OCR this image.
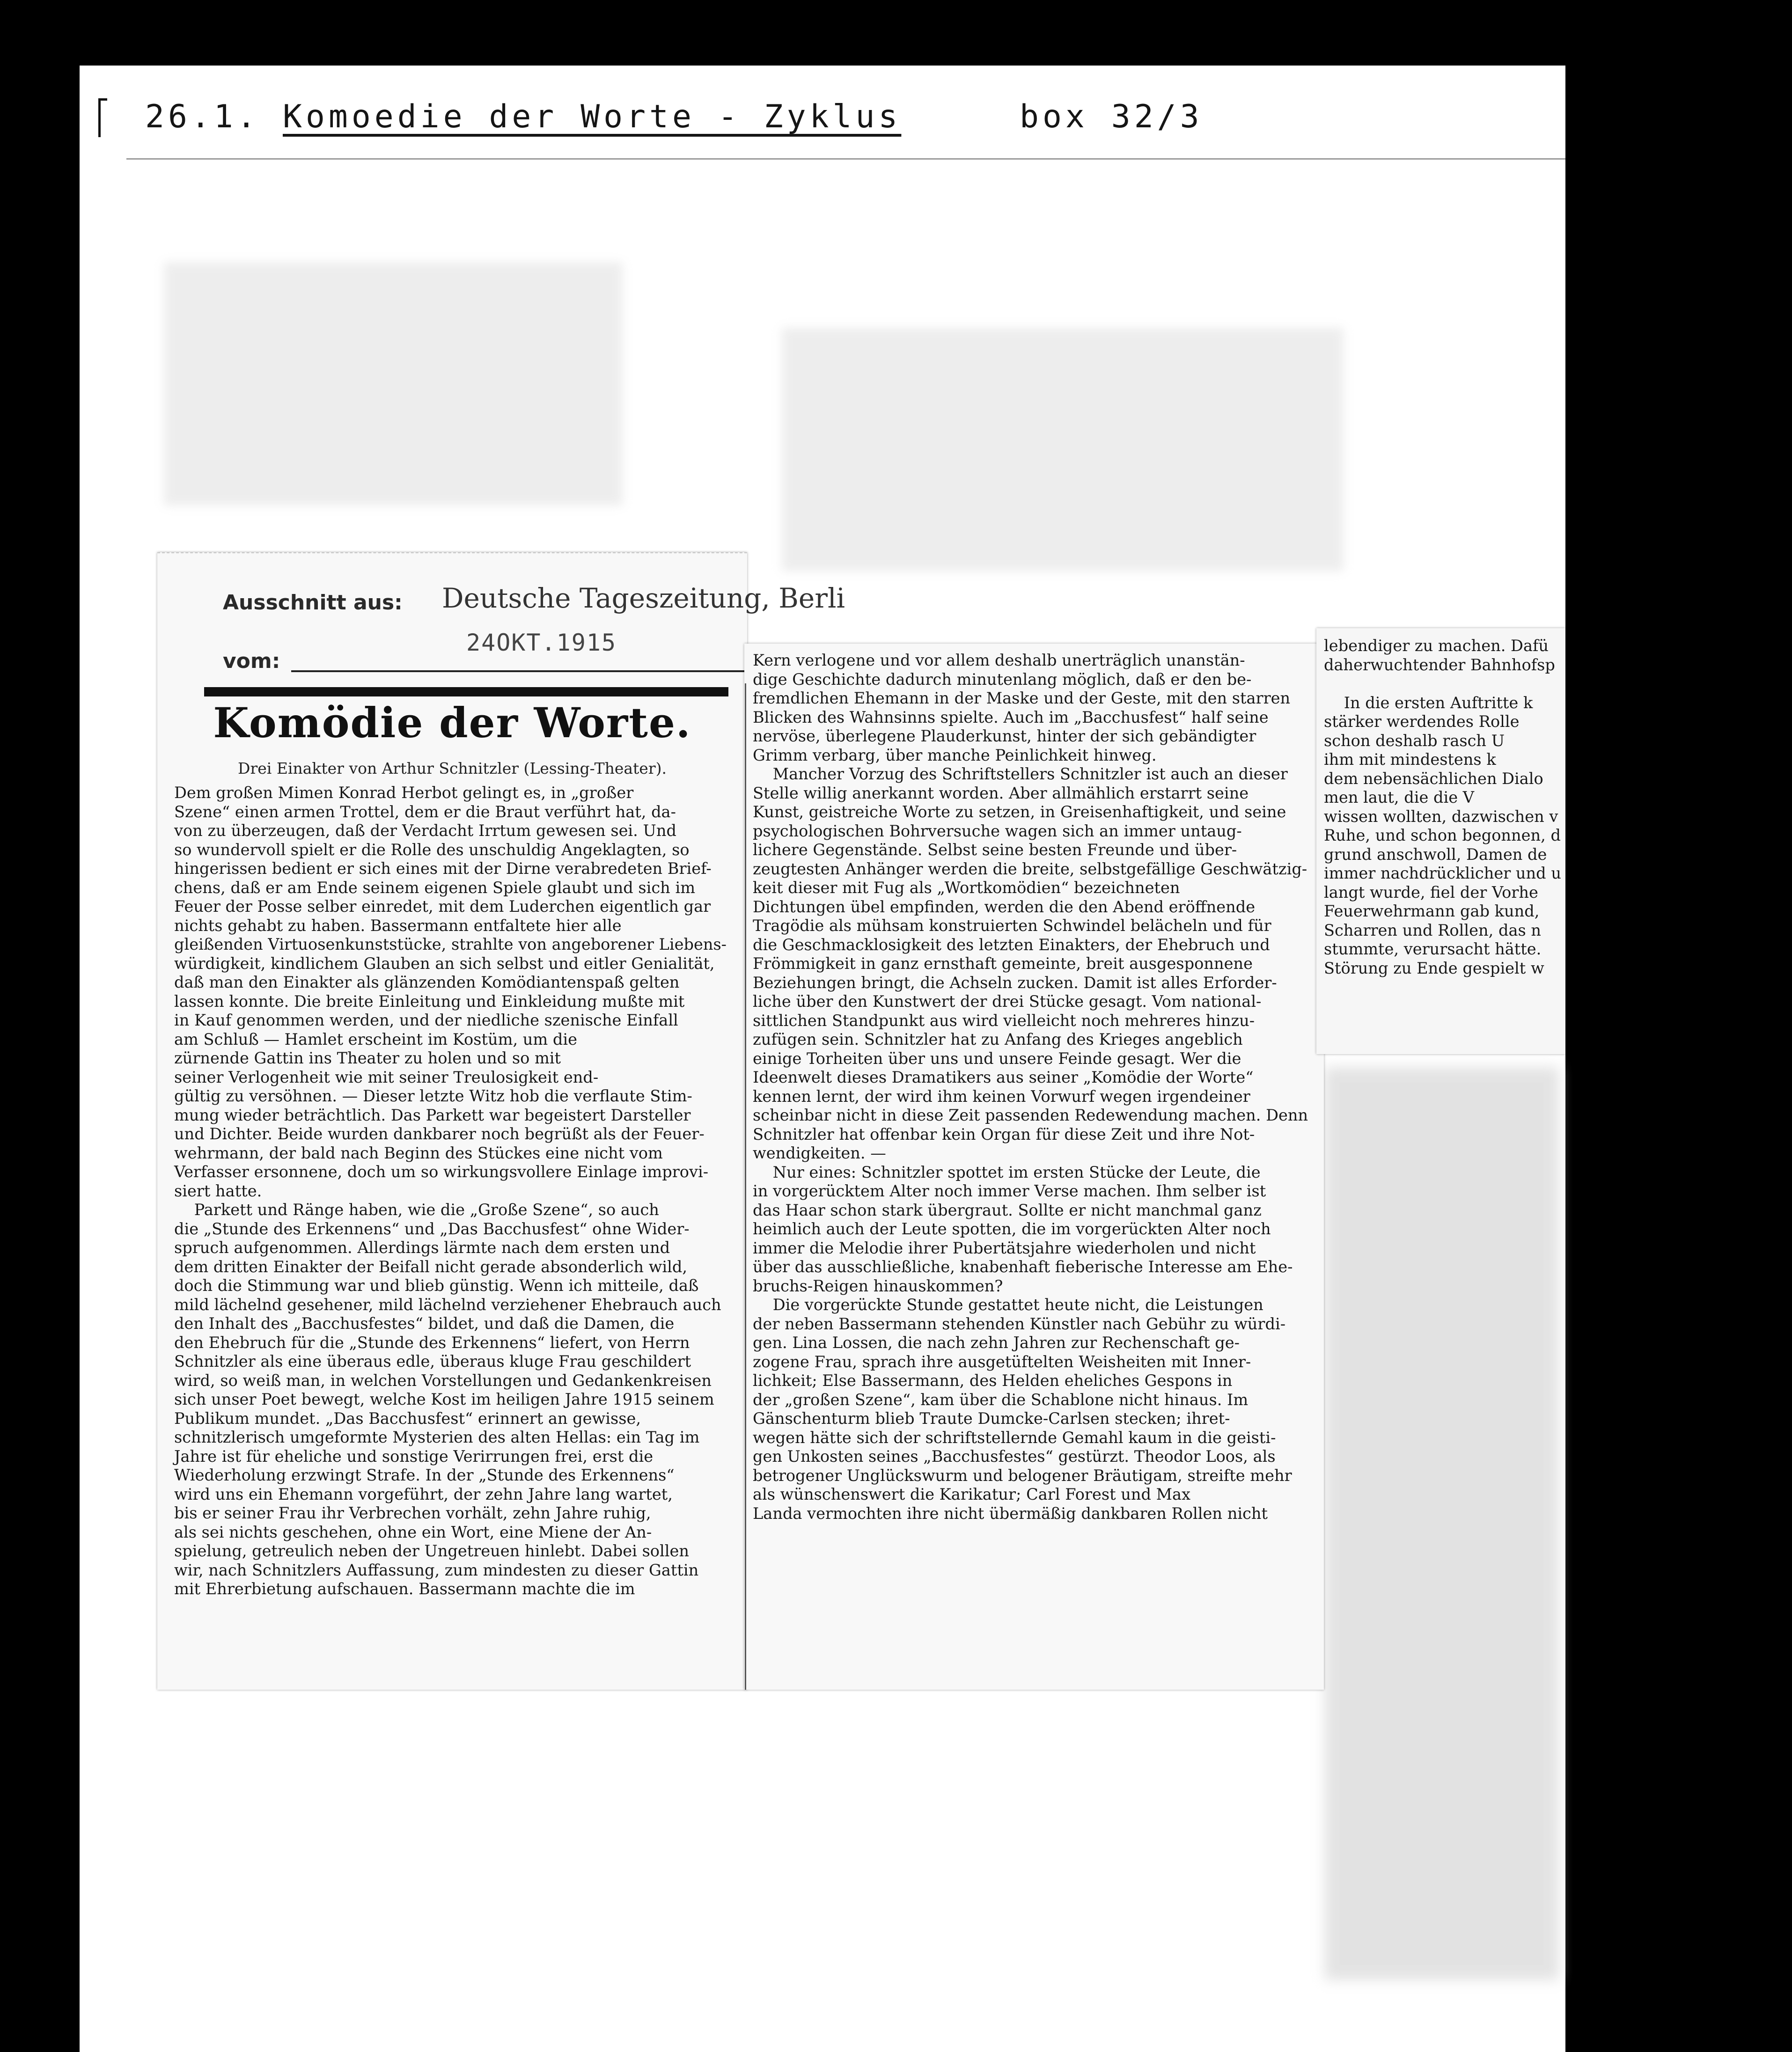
26.1. Komoedie der Worte - Zyklus	box 32/3
Ausschnitt aus: Deutsche Tageszeitung, Berli
vom:
24OKT.1915
Komödie der Worte.
Drei Einakter von Arthur Schnitzler (Lessing-Theater).
Dem großen Mimen Konrad Herbot gelingt es, in „großer
Szene“ einen armen Trottel, dem er die Braut verführt hat, da-
von zu überzeugen, daß der Verdacht Irrtum gewesen sei. Und
so wundervoll spielt er die Rolle des unschuldig Angeklagten, so
hingerissen bedient er sich eines mit der Dirne verabredeten Brief-
chens, daß er am Ende seinem eigenen Spiele glaubt und sich im
Feuer der Posse selber einredet, mit dem Luderchen eigentlich gar
nichts gehabt zu haben. Bassermann entfaltete hier alle
gleißenden Virtuosenkunststücke, strahlte von angeborener Liebens-
würdigkeit, kindlichem Glauben an sich selbst und eitler Genialität,
daß man den Einakter als glänzenden Komödiantenspaß gelten
lassen konnte. Die breite Einleitung und Einkleidung mußte mit
in Kauf genommen werden, und der niedliche szenische Einfall
am Schluß — Hamlet erscheint im Kostüm, um die
zürnende Gattin ins Theater zu holen und so mit
seiner Verlogenheit wie mit seiner Treulosigkeit end-
gültig zu versöhnen. — Dieser letzte Witz hob die verflaute Stim-
mung wieder beträchtlich. Das Parkett war begeistert Darsteller
und Dichter. Beide wurden dankbarer noch begrüßt als der Feuer-
wehrmann, der bald nach Beginn des Stückes eine nicht vom
Verfasser ersonnene, doch um so wirkungsvollere Einlage improvi-
siert hatte.
Parkett und Ränge haben, wie die „Große Szene“, so auch
die „Stunde des Erkennens“ und „Das Bacchusfest“ ohne Wider-
spruch aufgenommen. Allerdings lärmte nach dem ersten und
dem dritten Einakter der Beifall nicht gerade absonderlich wild,
doch die Stimmung war und blieb günstig. Wenn ich mitteile, daß
mild lächelnd gesehener, mild lächelnd verziehener Ehebrauch auch
den Inhalt des „Bacchusfestes“ bildet, und daß die Damen, die
den Ehebruch für die „Stunde des Erkennens“ liefert, von Herrn
Schnitzler als eine überaus edle, überaus kluge Frau geschildert
wird, so weiß man, in welchen Vorstellungen und Gedankenkreisen
sich unser Poet bewegt, welche Kost im heiligen Jahre 1915 seinem
Publikum mundet. „Das Bacchusfest“ erinnert an gewisse,
schnitzlerisch umgeformte Mysterien des alten Hellas: ein Tag im
Jahre ist für eheliche und sonstige Verirrungen frei, erst die
Wiederholung erzwingt Strafe. In der „Stunde des Erkennens“
wird uns ein Ehemann vorgeführt, der zehn Jahre lang wartet,
bis er seiner Frau ihr Verbrechen vorhält, zehn Jahre ruhig,
als sei nichts geschehen, ohne ein Wort, eine Miene der An-
spielung, getreulich neben der Ungetreuen hinlebt. Dabei sollen
wir, nach Schnitzlers Auffassung, zum mindesten zu dieser Gattin
mit Ehrerbietung aufschauen. Bassermann machte die im
Kern verlogene und vor allem deshalb unerträglich unanstän-
dige Geschichte dadurch minutenlang möglich, daß er den be-
fremdlichen Ehemann in der Maske und der Geste, mit den starren
Blicken des Wahnsinns spielte. Auch im „Bacchusfest“ half seine
nervöse, überlegene Plauderkunst, hinter der sich gebändigter
Grimm verbarg, über manche Peinlichkeit hinweg.
Mancher Vorzug des Schriftstellers Schnitzler ist auch an dieser
Stelle willig anerkannt worden. Aber allmählich erstarrt seine
Kunst, geistreiche Worte zu setzen, in Greisenhaftigkeit, und seine
psychologischen Bohrversuche wagen sich an immer untaug-
lichere Gegenstände. Selbst seine besten Freunde und über-
zeugtesten Anhänger werden die breite, selbstgefällige Geschwätzig-
keit dieser mit Fug als „Wortkomödien“ bezeichneten
Dichtungen übel empfinden, werden die den Abend eröffnende
Tragödie als mühsam konstruierten Schwindel belächeln und für
die Geschmacklosigkeit des letzten Einakters, der Ehebruch und
Frömmigkeit in ganz ernsthaft gemeinte, breit ausgesponnene
Beziehungen bringt, die Achseln zucken. Damit ist alles Erforder-
liche über den Kunstwert der drei Stücke gesagt. Vom national-
sittlichen Standpunkt aus wird vielleicht noch mehreres hinzu-
zufügen sein. Schnitzler hat zu Anfang des Krieges angeblich
einige Torheiten über uns und unsere Feinde gesagt. Wer die
Ideenwelt dieses Dramatikers aus seiner „Komödie der Worte“
kennen lernt, der wird ihm keinen Vorwurf wegen irgendeiner
scheinbar nicht in diese Zeit passenden Redewendung machen. Denn
Schnitzler hat offenbar kein Organ für diese Zeit und ihre Not-
wendigkeiten. —
Nur eines: Schnitzler spottet im ersten Stücke der Leute, die
in vorgerücktem Alter noch immer Verse machen. Ihm selber ist
das Haar schon stark übergraut. Sollte er nicht manchmal ganz
heimlich auch der Leute spotten, die im vorgerückten Alter noch
immer die Melodie ihrer Pubertätsjahre wiederholen und nicht
über das ausschließliche, knabenhaft fieberische Interesse am Ehe-
bruchs-Reigen hinauskommen?
Die vorgerückte Stunde gestattet heute nicht, die Leistungen
der neben Bassermann stehenden Künstler nach Gebühr zu würdi-
gen. Lina Lossen, die nach zehn Jahren zur Rechenschaft ge-
zogene Frau, sprach ihre ausgetüftelten Weisheiten mit Inner-
lichkeit; Else Bassermann, des Helden eheliches Gespons in
der „großen Szene“, kam über die Schablone nicht hinaus. Im
Gänschenturm blieb Traute Dumcke-Carlsen stecken; ihret-
wegen hätte sich der schriftstellernde Gemahl kaum in die geisti-
gen Unkosten seines „Bacchusfestes“ gestürzt. Theodor Loos, als
betrogener Unglückswurm und belogener Bräutigam, streifte mehr
als wünschenswert die Karikatur; Carl Forest und Max
Landa vermochten ihre nicht übermäßig dankbaren Rollen nicht
lebendiger zu machen. Dafü
daherwuchtender Bahnhofsp

In die ersten Auftritte k
stärker werdendes Rolle
schon deshalb rasch U
ihm mit mindestens k
dem nebensächlichen Dialo
men laut, die die V
wissen wollten, dazwischen v
Ruhe, und schon begonnen, d
grund anschwoll, Damen de
immer nachdrücklicher und u
langt wurde, fiel der Vorhe
Feuerwehrmann gab kund,
Scharren und Rollen, das n
stummte, verursacht hätte.
Störung zu Ende gespielt w
